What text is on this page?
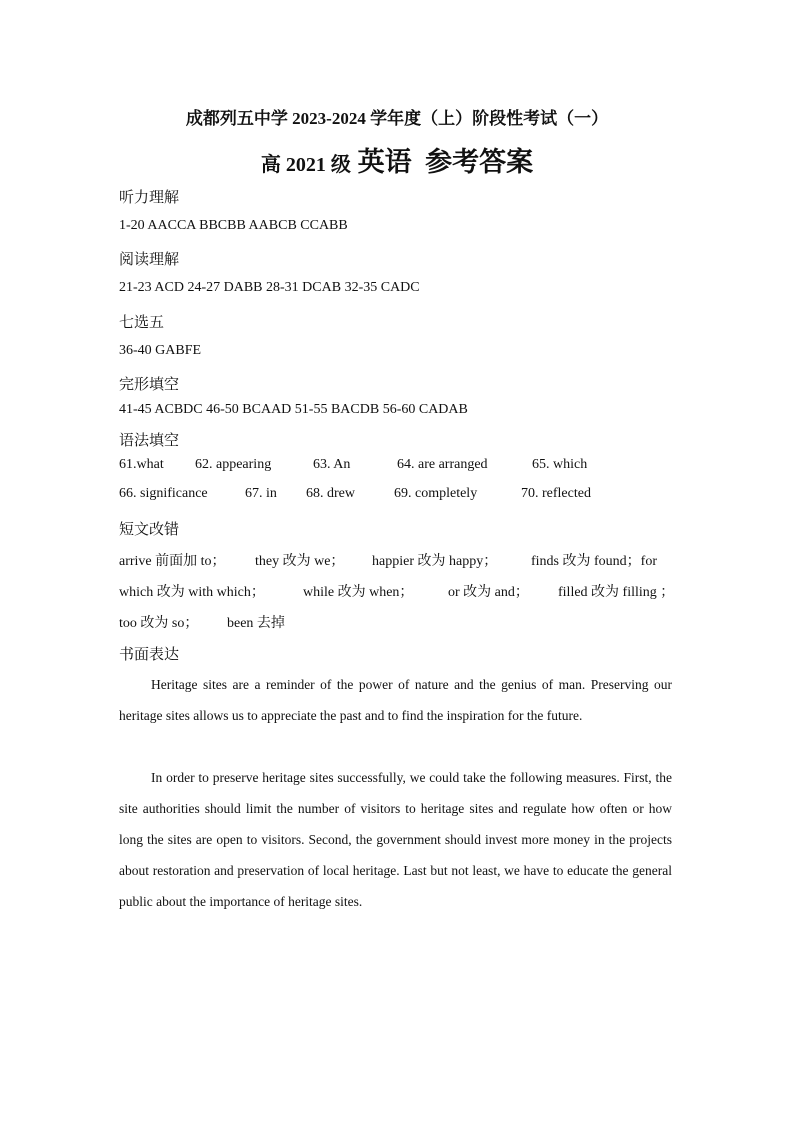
成都列五中学 2023-2024 学年度（上）阶段性考试（一）
高 2021 级 英语 参考答案
听力理解
1-20 AACCA BBCBB AABCB CCABB
阅读理解
21-23 ACD 24-27 DABB 28-31 DCAB 32-35 CADC
七选五
36-40 GABFE
完形填空
41-45 ACBDC 46-50 BCAAD 51-55 BACDB 56-60 CADAB
语法填空
61.what 62. appearing	63. An	64. are arranged	65. which
66. significance	67. in 68. drew	69. completely	70. reflected
短文改错
arrive 前面加 to； they 改为 we； happier 改为 happy； finds 改为 found；for
which 改为 with which；	while 改为 when； or 改为 and； filled 改为 filling ；
too 改为 so； been 去掉
书面表达

Heritage sites are a reminder of the power of nature and the genius of man. Preserving our heritage sites allows us to appreciate the past and to find the inspiration for the future.

In order to preserve heritage sites successfully, we could take the following measures. First, the site authorities should limit the number of visitors to heritage sites and regulate how often or how long the sites are open to visitors. Second, the government should invest more money in the projects about restoration and preservation of local heritage. Last but not least, we have to educate the general public about the importance of heritage sites.
